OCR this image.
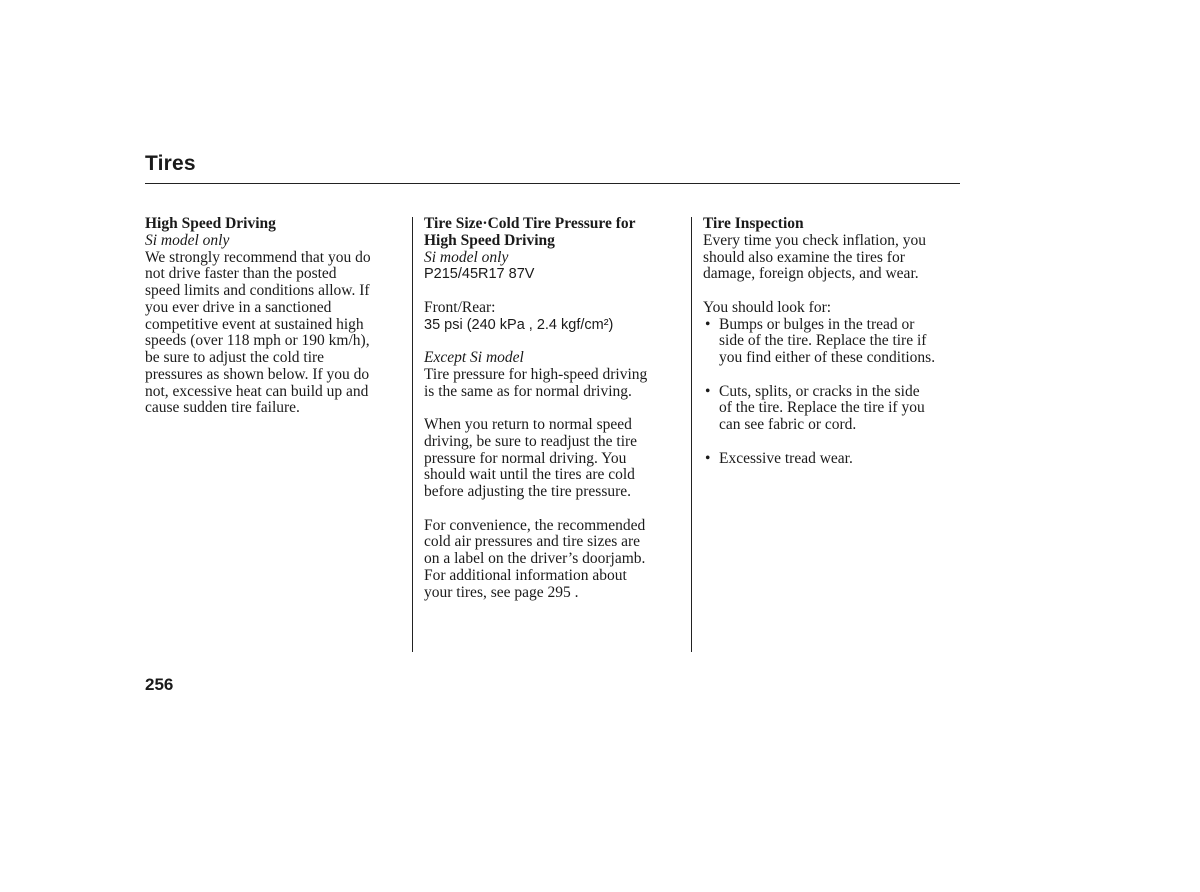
Tires

High Speed Driving

Si model only

We strongly recommend that you do

not drive faster than the posted

speed limits and conditions allow. If

you ever drive in a sanctioned

competitive event at sustained high

speeds (over 118 mph or 190 km/h),

be sure to adjust the cold tire

pressures as shown below. If you do

not, excessive heat can build up and

cause sudden tire failure.

Tire Size·Cold Tire Pressure for

High Speed Driving

Si model only

P215/45R17 87V

Front/Rear:

35 psi (240 kPa , 2.4 kgf/cm²)

Except Si model

Tire pressure for high-speed driving

is the same as for normal driving.

When you return to normal speed

driving, be sure to readjust the tire

pressure for normal driving. You

should wait until the tires are cold

before adjusting the tire pressure.

For convenience, the recommended

cold air pressures and tire sizes are

on a label on the driver’s doorjamb.

For additional information about

your tires, see page 295 .

Tire Inspection

Every time you check inflation, you

should also examine the tires for

damage, foreign objects, and wear.

You should look for:

• Bumps or bulges in the tread or

side of the tire. Replace the tire if

you find either of these conditions.

• Cuts, splits, or cracks in the side

of the tire. Replace the tire if you

can see fabric or cord.

• Excessive tread wear.

256
